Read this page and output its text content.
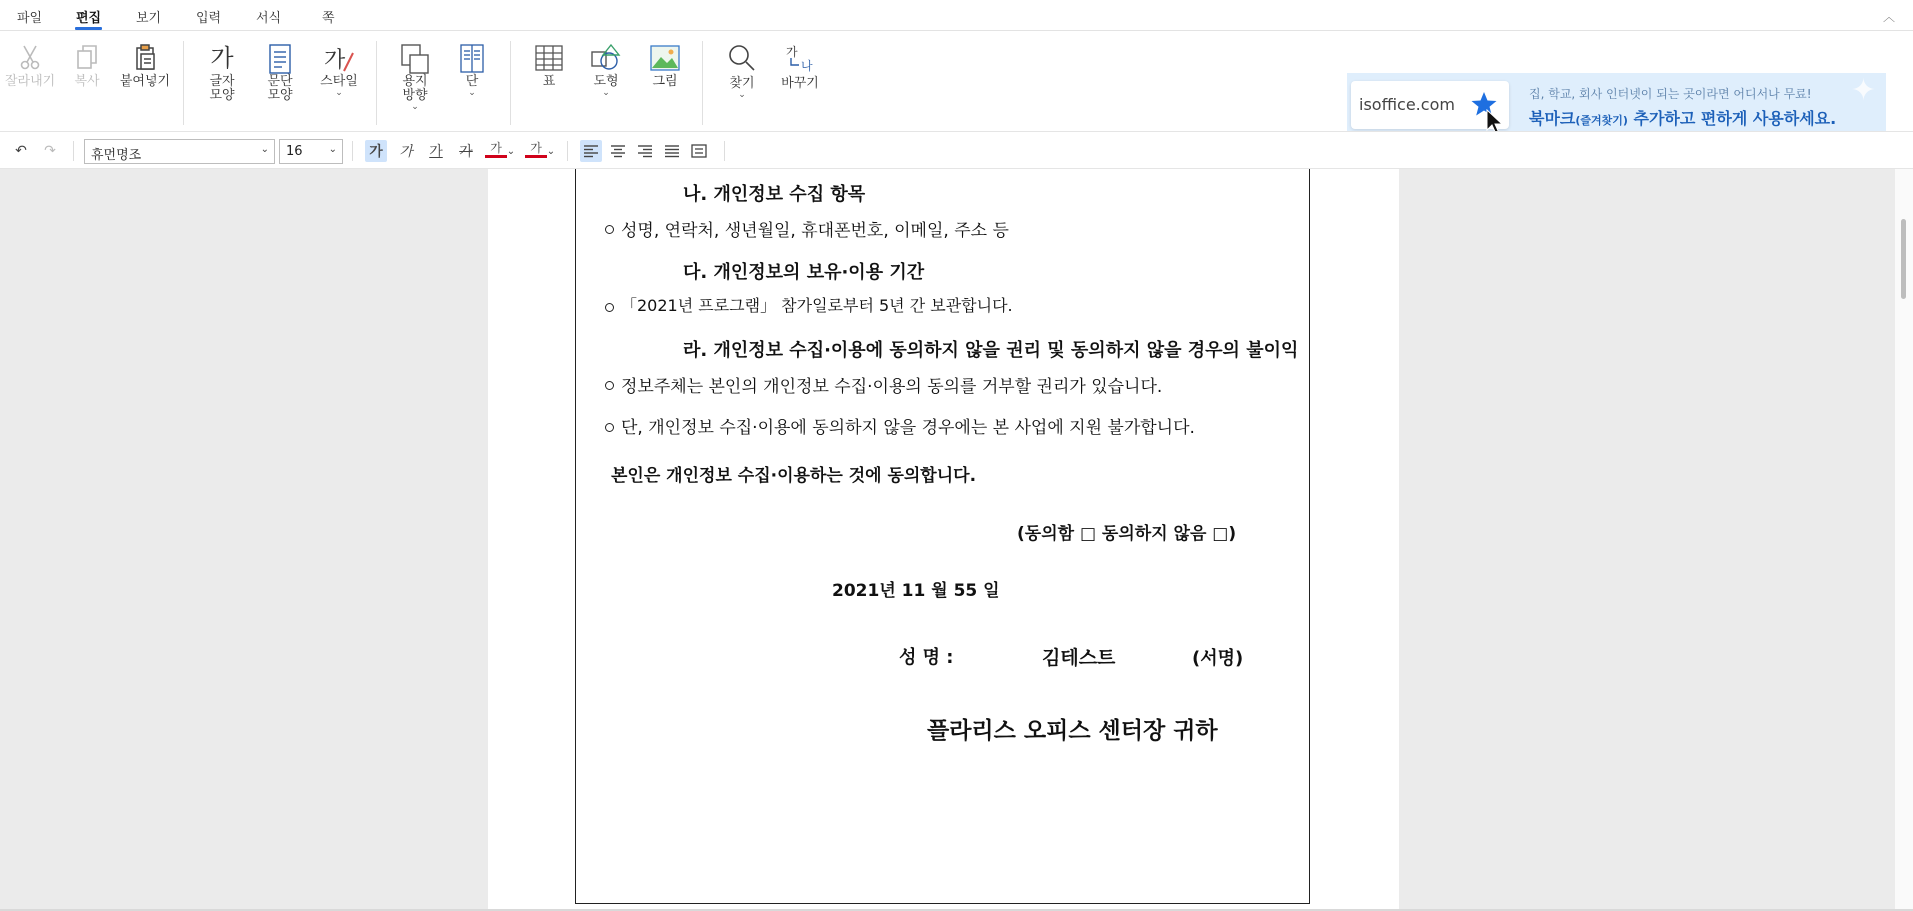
파일	편집	보기	입력	서식	쪽	︿
잘라내기	복사	붙여넣기
가
글자
모양
문단
모양
가
스타일
⌄
용지
방향
⌄
단
⌄
표	도형
⌄
그림	찾기
⌄
가
나
바꾸기
isoffice.com
집, 학교, 회사 인터넷이 되는 곳이라면 어디서나 무료!
북마크(즐겨찾기) 추가하고 편하게 사용하세요.
✦
↶	↷	휴먼명조	⌄	16	⌄	가	가	가	가	가 ⌄	가 ⌄
나. 개인정보 수집 항목
성명, 연락처, 생년월일, 휴대폰번호, 이메일, 주소 등
다. 개인정보의 보유·이용 기간
「2021년 프로그램」 참가일로부터 5년 간 보관합니다.
라. 개인정보 수집·이용에 동의하지 않을 권리 및 동의하지 않을 경우의 불이익
정보주체는 본인의 개인정보 수집·이용의 동의를 거부할 권리가 있습니다.
단, 개인정보 수집·이용에 동의하지 않을 경우에는 본 사업에 지원 불가합니다.
본인은 개인정보 수집·이용하는 것에 동의합니다.
(동의함 □ 동의하지 않음 □)
2021년 11 월 55 일
성 명 :	김테스트	(서명)
플라리스 오피스 센터장 귀하
